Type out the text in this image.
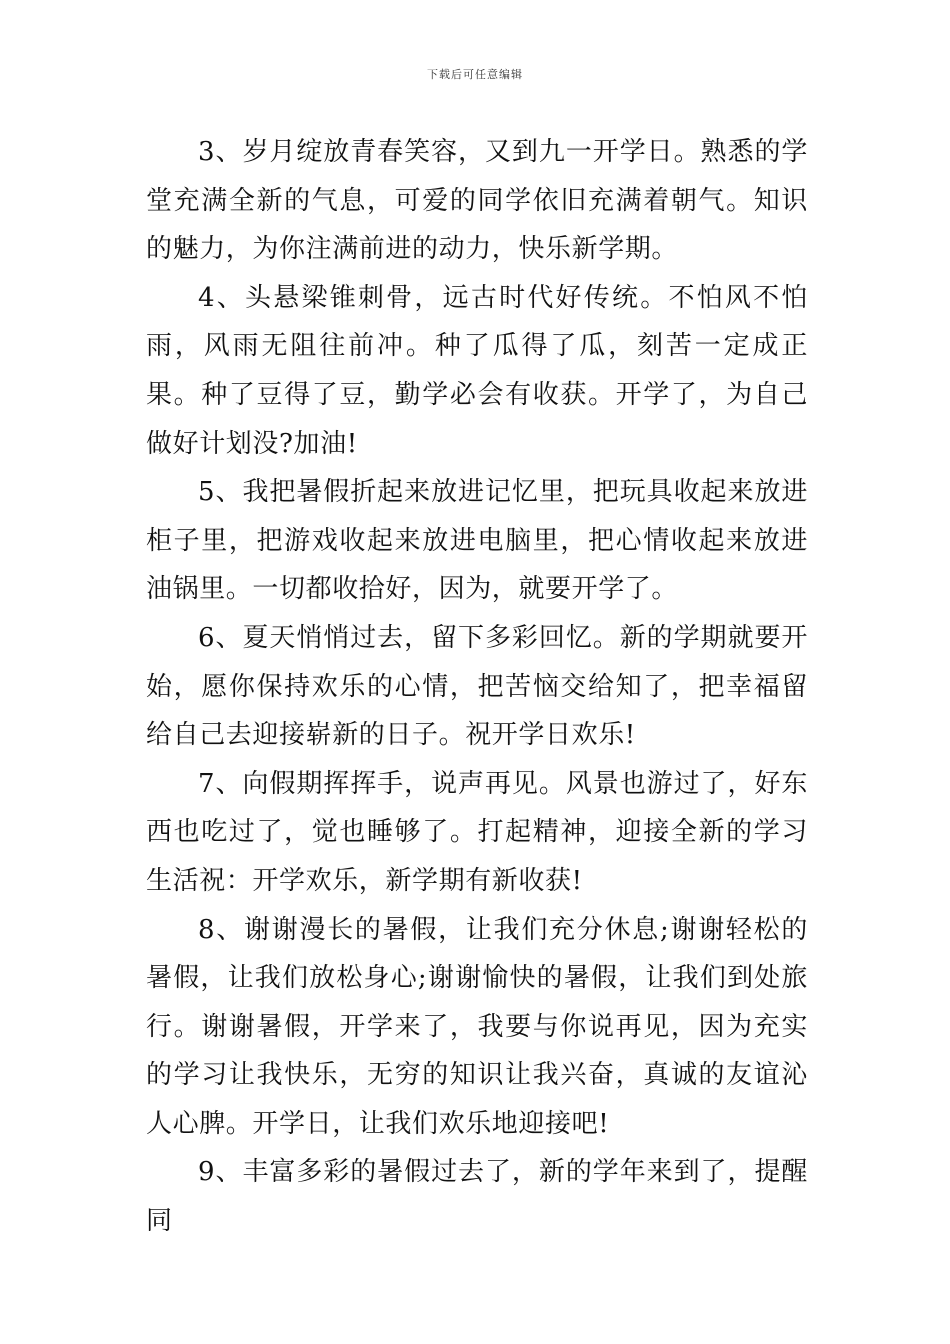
下载后可任意编辑

3、岁月绽放青春笑容，又到九一开学日。熟悉的学堂充满全新的气息，可爱的同学依旧充满着朝气。知识的魅力，为你注满前进的动力，快乐新学期。

4、头悬梁锥刺骨，远古时代好传统。不怕风不怕雨，风雨无阻往前冲。种了瓜得了瓜，刻苦一定成正果。种了豆得了豆，勤学必会有收获。开学了，为自己做好计划没?加油!

5、我把暑假折起来放进记忆里，把玩具收起来放进柜子里，把游戏收起来放进电脑里，把心情收起来放进油锅里。一切都收拾好，因为，就要开学了。

6、夏天悄悄过去，留下多彩回忆。新的学期就要开始，愿你保持欢乐的心情，把苦恼交给知了，把幸福留给自己去迎接崭新的日子。祝开学日欢乐!

7、向假期挥挥手，说声再见。风景也游过了，好东西也吃过了，觉也睡够了。打起精神，迎接全新的学习生活祝：开学欢乐，新学期有新收获!

8、谢谢漫长的暑假，让我们充分休息;谢谢轻松的暑假，让我们放松身心;谢谢愉快的暑假，让我们到处旅行。谢谢暑假，开学来了，我要与你说再见，因为充实的学习让我快乐，无穷的知识让我兴奋，真诚的友谊沁人心脾。开学日，让我们欢乐地迎接吧!

9、丰富多彩的暑假过去了，新的学年来到了，提醒同
